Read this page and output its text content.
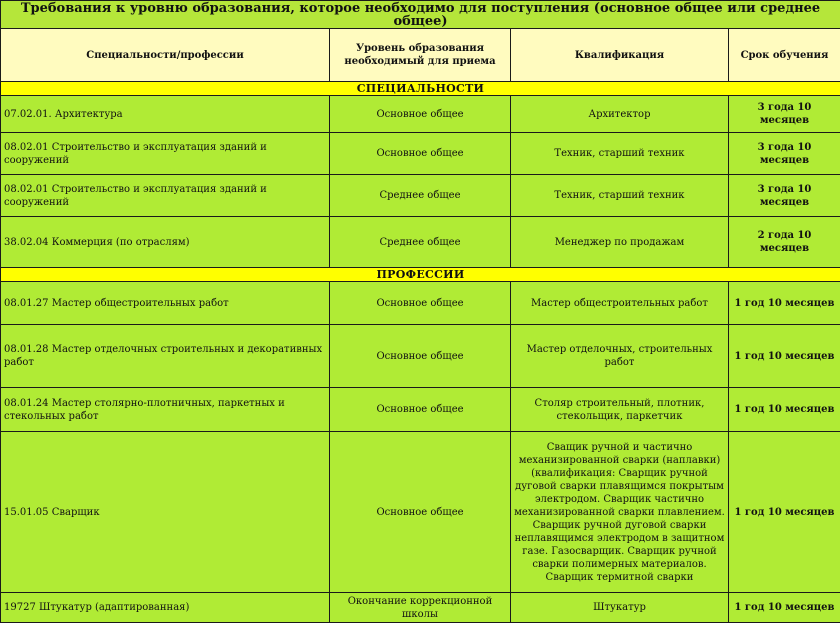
Требования к уровню образования, которое необходимо для поступления (основное общее или среднее общее)			
Специальности/профессии	Уровень образования необходимый для приема	Квалификация	Срок обучения
СПЕЦИАЛЬНОСТИ			
07.02.01. Архитектура	Основное общее	Архитектор	3 года 10 месяцев
08.02.01 Строительство и эксплуатация зданий и сооружений	Основное общее	Техник, старший техник	3 года 10 месяцев
08.02.01 Строительство и эксплуатация зданий и сооружений	Среднее общее	Техник, старший техник	3 года 10 месяцев
38.02.04 Коммерция (по отраслям)	Среднее общее	Менеджер по продажам	2 года 10 месяцев
ПРОФЕССИИ			
08.01.27 Мастер общестроительных работ	Основное общее	Мастер общестроительных работ	1 год 10 месяцев
08.01.28 Мастер отделочных строительных и декоративных работ	Основное общее	Мастер отделочных, строительных работ	1 год 10 месяцев
08.01.24 Мастер столярно-плотничных, паркетных и стекольных работ	Основное общее	Столяр строительный, плотник, стекольщик, паркетчик	1 год 10 месяцев
15.01.05 Сварщик	Основное общее	Сващик ручной и частично механизированной сварки (наплавки) (квалификация: Сварщик ручной дуговой сварки плавящимся покрытым электродом. Сварщик частично механизированной сварки плавлением. Сварщик ручной дуговой сварки неплавящимся электродом в защитном газе. Газосварщик. Сварщик ручной сварки полимерных материалов. Сварщик термитной сварки	1 год 10 месяцев
19727 Штукатур (адаптированная)	Окончание коррекционной школы	Штукатур	1 год 10 месяцев
